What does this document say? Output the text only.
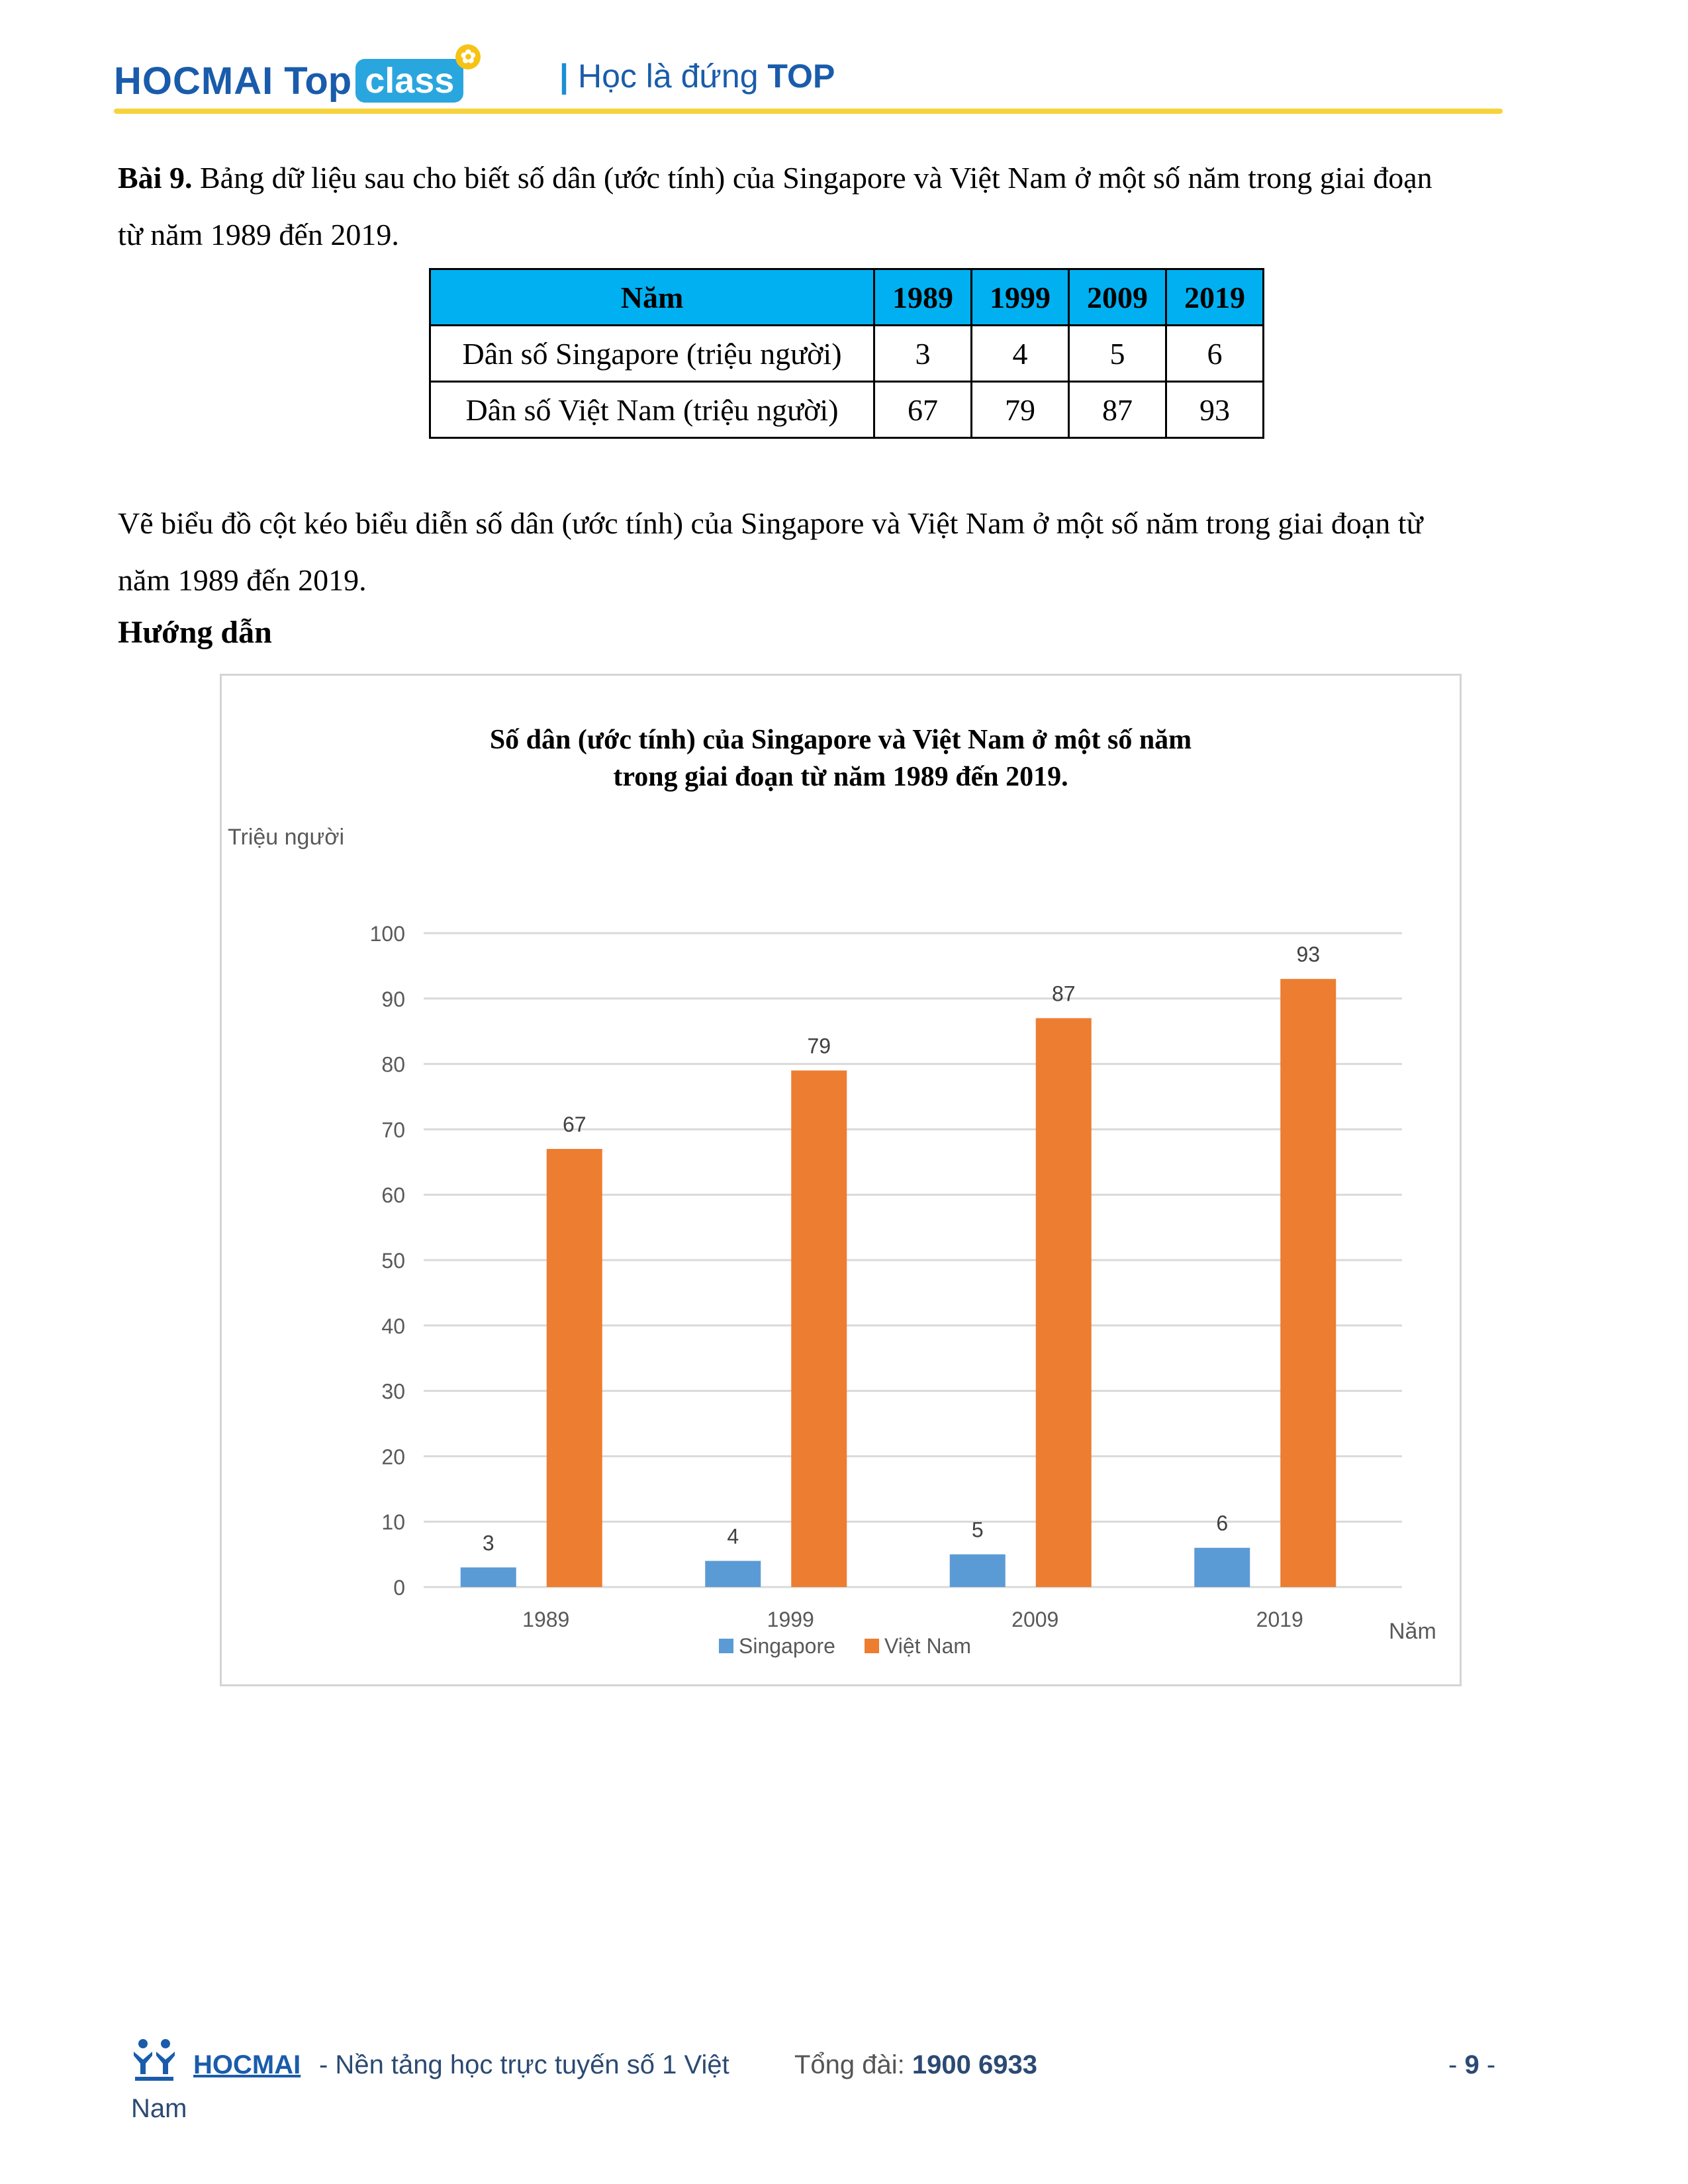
HOCMAI Top class
✿
| Học là đứng TOP
Bài 9. Bảng dữ liệu sau cho biết số dân (ước tính) của Singapore và Việt Nam ở một số năm trong giai đoạn
từ năm 1989 đến 2019.
Năm	1989	1999	2009	2019
Dân số Singapore (triệu người)	3	4	5	6
Dân số Việt Nam (triệu người)	67	79	87	93
Vẽ biểu đồ cột kéo biểu diễn số dân (ước tính) của Singapore và Việt Nam ở một số năm trong giai đoạn từ
năm 1989 đến 2019.
Hướng dẫn
Số dân (ước tính) của Singapore và Việt Nam ở một số năm
trong giai đoạn từ năm 1989 đến 2019.
0
10
20
30
40
50
60
70
80
90
100
3
67
1989
4
79
1999
5
87
2009
6
93
2019
Triệu người
Năm
Singapore Việt Nam
HOCMAI - Nền tảng học trực tuyến số 1 Việt Tổng đài: 1900 6933	- 9 -
Nam
